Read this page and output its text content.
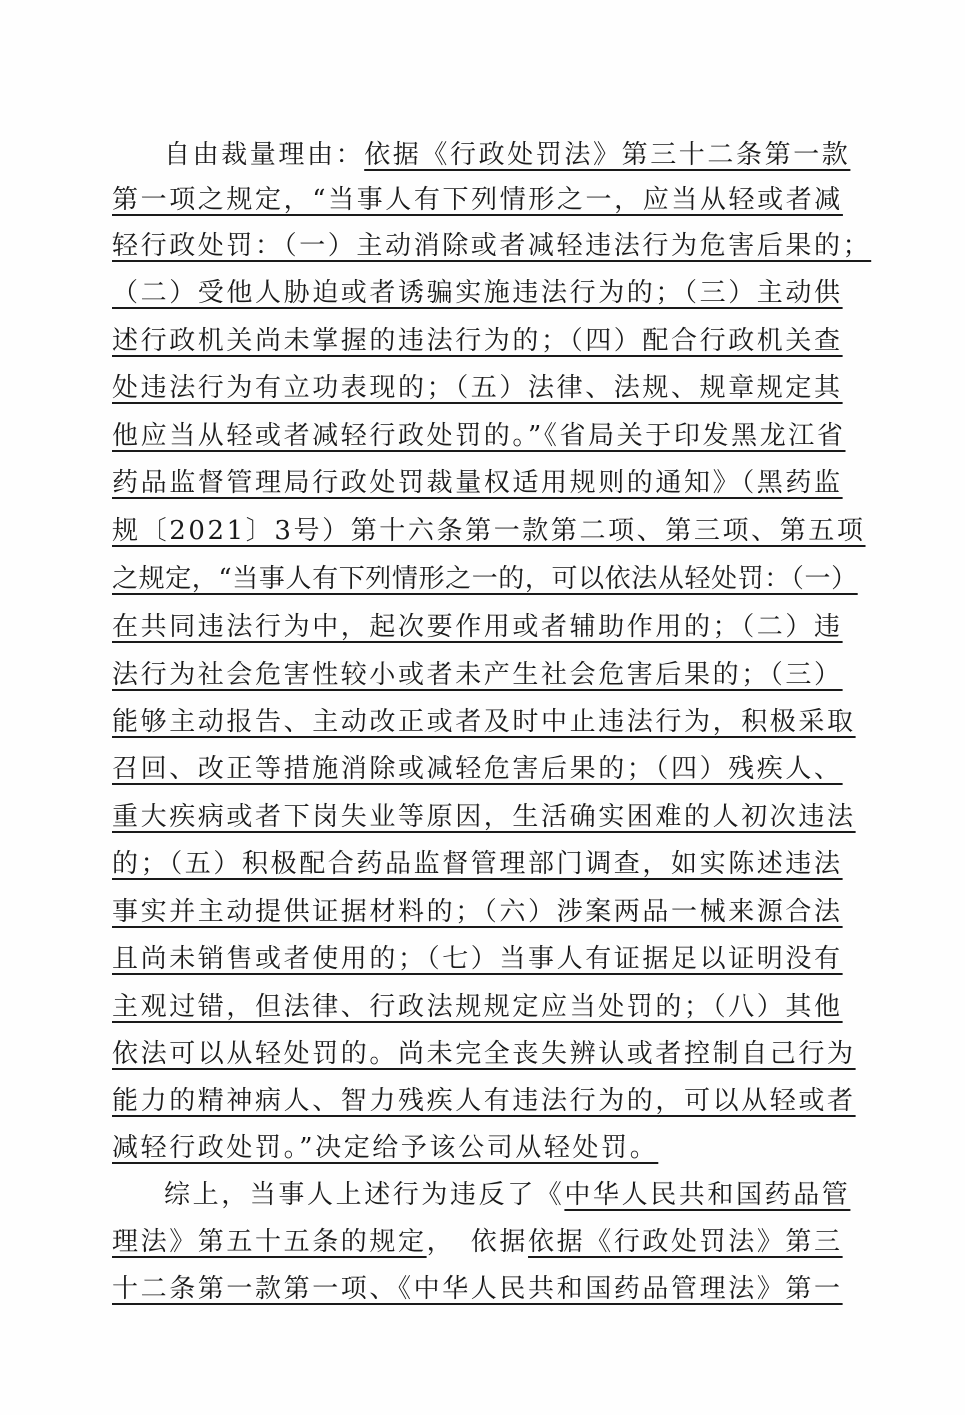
自由裁量理由：依据《行政处罚法》第三十二条第一款
第一项之规定，“当事人有下列情形之一，应当从轻或者减
轻行政处罚：（一）主动消除或者减轻违法行为危害后果的；
（二）受他人胁迫或者诱骗实施违法行为的；（三）主动供
述行政机关尚未掌握的违法行为的；（四）配合行政机关查
处违法行为有立功表现的；（五）法律、法规、规章规定其
他应当从轻或者减轻行政处罚的。”《省局关于印发黑龙江省
药品监督管理局行政处罚裁量权适用规则的通知》（黑药监
规〔2021〕3号）第十六条第一款第二项、第三项、第五项
之规定，“当事人有下列情形之一的，可以依法从轻处罚：（一）
在共同违法行为中，起次要作用或者辅助作用的；（二）违
法行为社会危害性较小或者未产生社会危害后果的；（三）
能够主动报告、主动改正或者及时中止违法行为，积极采取
召回、改正等措施消除或减轻危害后果的；（四）残疾人、
重大疾病或者下岗失业等原因，生活确实困难的人初次违法
的；（五）积极配合药品监督管理部门调查，如实陈述违法
事实并主动提供证据材料的；（六）涉案两品一械来源合法
且尚未销售或者使用的；（七）当事人有证据足以证明没有
主观过错，但法律、行政法规规定应当处罚的；（八）其他
依法可以从轻处罚的。尚未完全丧失辨认或者控制自己行为
能力的精神病人、智力残疾人有违法行为的，可以从轻或者
减轻行政处罚。”决定给予该公司从轻处罚。
综上，当事人上述行为违反了《中华人民共和国药品管
理法》第五十五条的规定，　依据依据《行政处罚法》第三
十二条第一款第一项、《中华人民共和国药品管理法》第一
